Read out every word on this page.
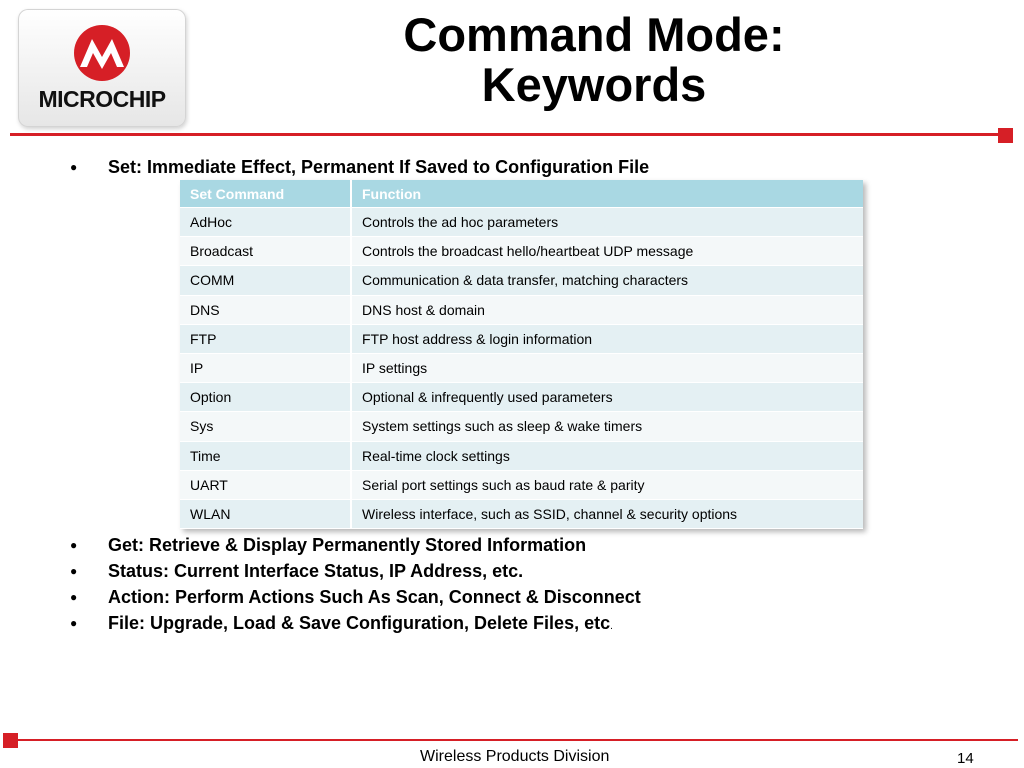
MICROCHIP
Command Mode:
Keywords
● Set: Immediate Effect, Permanent If Saved to Configuration File
Set Command	Function
AdHoc	Controls the ad hoc parameters
Broadcast	Controls the broadcast hello/heartbeat UDP message
COMM	Communication & data transfer, matching characters
DNS	DNS host & domain
FTP	FTP host address & login information
IP	IP settings
Option	Optional & infrequently used parameters
Sys	System settings such as sleep & wake timers
Time	Real-time clock settings
UART	Serial port settings such as baud rate & parity
WLAN	Wireless interface, such as SSID, channel & security options
● Get: Retrieve & Display Permanently Stored Information
● Status: Current Interface Status, IP Address, etc.
● Action: Perform Actions Such As Scan, Connect & Disconnect
● File: Upgrade, Load & Save Configuration, Delete Files, etc.
Wireless Products Division	14
